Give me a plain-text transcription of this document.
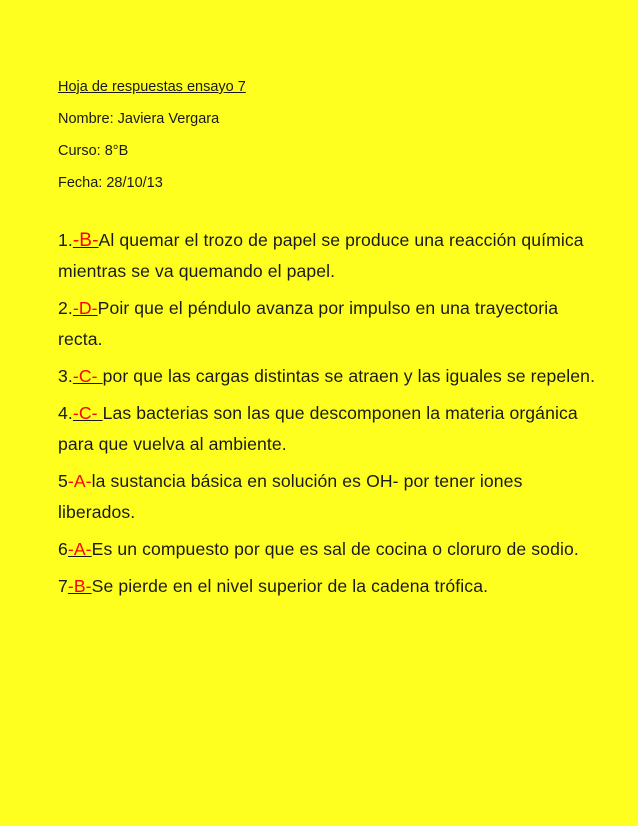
Hoja de respuestas ensayo 7
Nombre: Javiera Vergara
Curso: 8°B
Fecha: 28/10/13
1.-B-Al quemar el trozo de papel se produce una reacción química mientras se va quemando el papel.
2.-D-Poir que el péndulo avanza por impulso en una trayectoria recta.
3.-C- por que las cargas distintas se atraen y las iguales se repelen.
4.-C- Las bacterias son las que descomponen la materia orgánica para que vuelva al ambiente.
5-A-la sustancia básica en solución es OH- por tener iones liberados.
6-A-Es un compuesto por que es sal de cocina o cloruro de sodio.
7-B-Se pierde en el nivel superior de la cadena trófica.
